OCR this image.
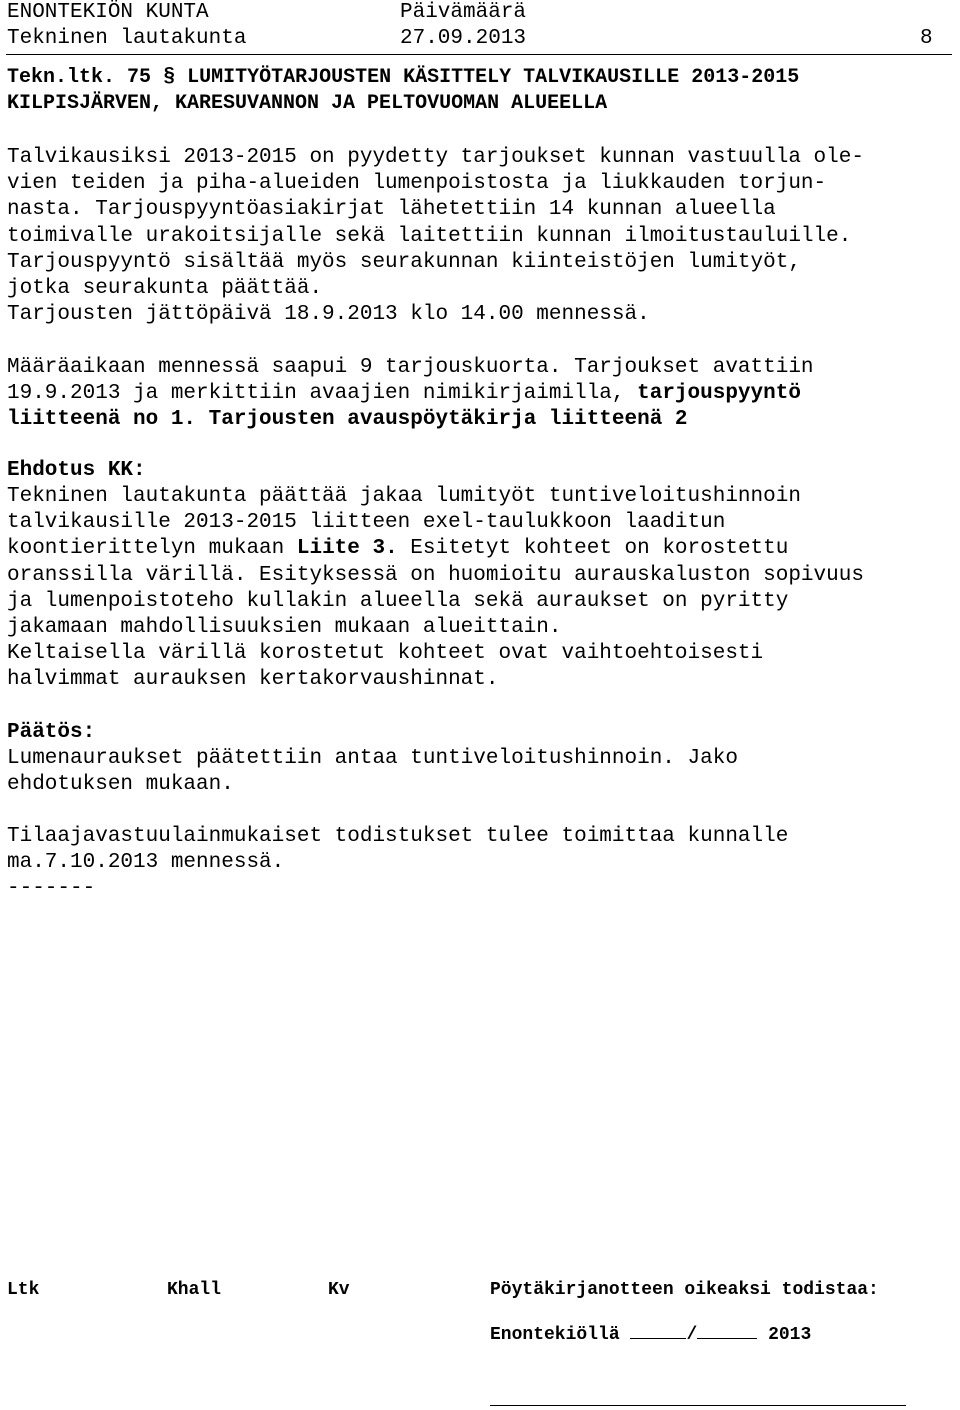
ENONTEKIÖN KUNTA

	Päivämäärä

Tekninen lautakunta

	27.09.2013

	8

Tekn.ltk. 75 § LUMITYÖTARJOUSTEN KÄSITTELY TALVIKAUSILLE 2013-2015
KILPISJÄRVEN, KARESUVANNON JA PELTOVUOMAN ALUEELLA
Talvikausiksi 2013-2015 on pyydetty tarjoukset kunnan vastuulla ole-
vien teiden ja piha-alueiden lumenpoistosta ja liukkauden torjun-
nasta. Tarjouspyyntöasiakirjat lähetettiin 14 kunnan alueella
toimivalle urakoitsijalle sekä laitettiin kunnan ilmoitustauluille.
Tarjouspyyntö sisältää myös seurakunnan kiinteistöjen lumityöt,
jotka seurakunta päättää.
Tarjousten jättöpäivä 18.9.2013 klo 14.00 mennessä.
Määräaikaan mennessä saapui 9 tarjouskuorta. Tarjoukset avattiin
19.9.2013 ja merkittiin avaajien nimikirjaimilla, tarjouspyyntö
liitteenä no 1. Tarjousten avauspöytäkirja liitteenä 2
Ehdotus KK:
Tekninen lautakunta päättää jakaa lumityöt tuntiveloitushinnoin
talvikausille 2013-2015 liitteen exel-taulukkoon laaditun
koontierittelyn mukaan Liite 3. Esitetyt kohteet on korostettu
oranssilla värillä. Esityksessä on huomioitu aurauskaluston sopivuus
ja lumenpoistoteho kullakin alueella sekä auraukset on pyritty
jakamaan mahdollisuuksien mukaan alueittain.
Keltaisella värillä korostetut kohteet ovat vaihtoehtoisesti
halvimmat aurauksen kertakorvaushinnat.
Päätös:
Lumenauraukset päätettiin antaa tuntiveloitushinnoin. Jako
ehdotuksen mukaan.
Tilaajavastuulainmukaiset todistukset tulee toimittaa kunnalle
ma.7.10.2013 mennessä.
-------
Ltk	Khall	Kv	Pöytäkirjanotteen oikeaksi todistaa:
Enontekiöllä	/	2013
